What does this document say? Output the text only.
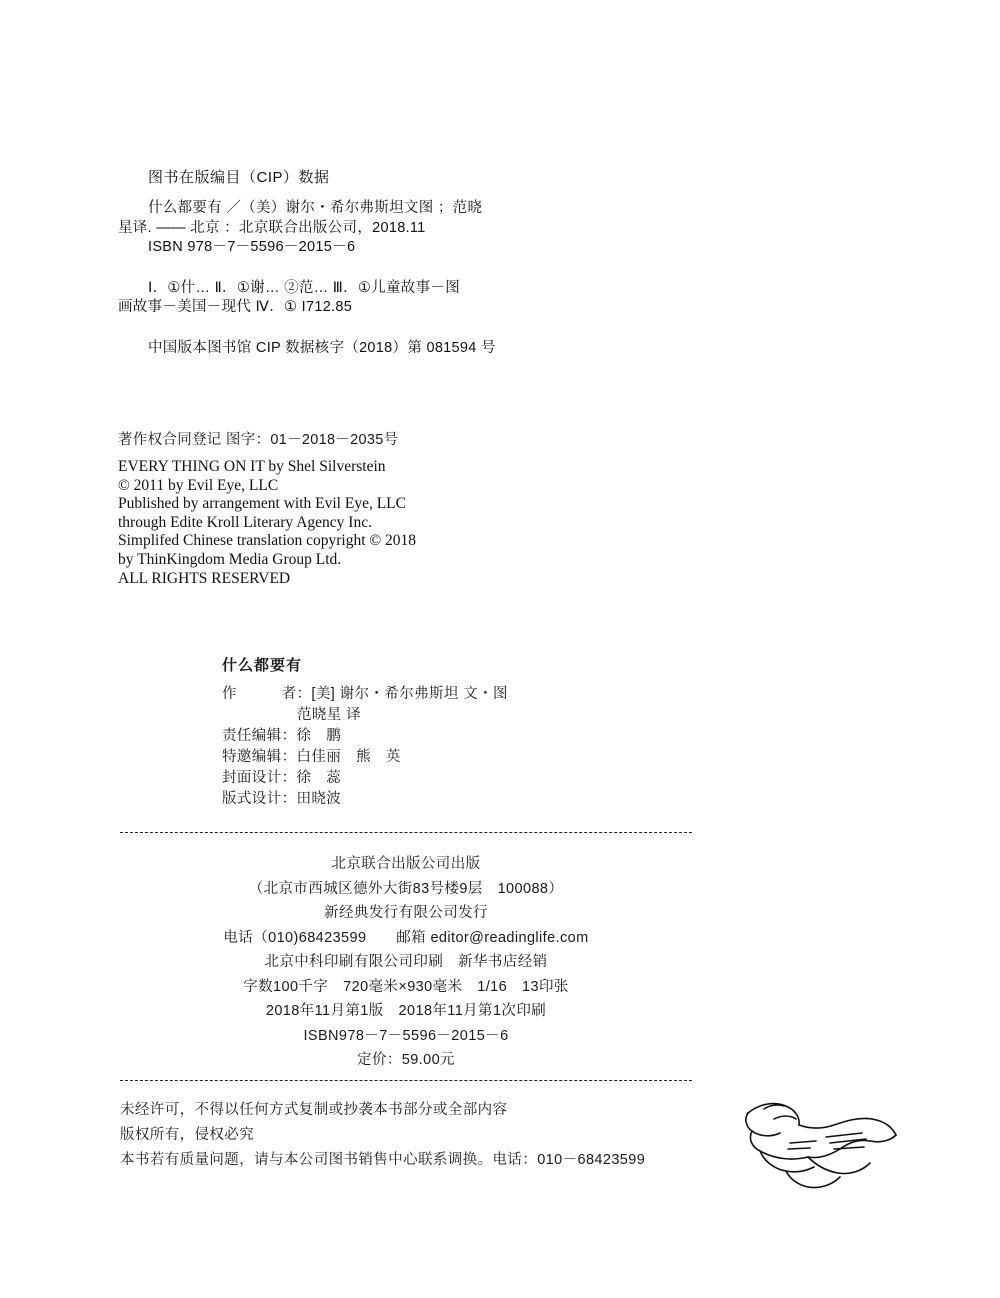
图书在版编目（CIP）数据
什么都要有 ／（美）谢尔・希尔弗斯坦文图 ；范晓
星译. ―― 北京 ：北京联合出版公司，2018.11
ISBN 978－7－5596－2015－6
Ⅰ．①什… Ⅱ．①谢… ②范… Ⅲ．①儿童故事－图
画故事－美国－现代 Ⅳ．① I712.85
中国版本图书馆 CIP 数据核字（2018）第 081594 号
著作权合同登记 图字：01－2018－2035号
EVERY THING ON IT by Shel Silverstein
© 2011 by Evil Eye, LLC
Published by arrangement with Evil Eye, LLC
through Edite Kroll Literary Agency Inc.
Simplifed Chinese translation copyright © 2018
by ThinKingdom Media Group Ltd.
ALL RIGHTS RESERVED
什么都要有
作　　　者：[美] 谢尔・希尔弗斯坦 文・图
范晓星 译
责任编辑：徐　鹏
特邀编辑：白佳丽　熊　英
封面设计：徐　蕊
版式设计：田晓波
北京联合出版公司出版
（北京市西城区德外大街83号楼9层　100088）
新经典发行有限公司发行
电话（010)68423599　　邮箱 editor@readinglife.com
北京中科印刷有限公司印刷　新华书店经销
字数100千字　720毫米×930毫米　1/16　13印张
2018年11月第1版　2018年11月第1次印刷
ISBN978－7－5596－2015－6
定价：59.00元
未经许可，不得以任何方式复制或抄袭本书部分或全部内容
版权所有，侵权必究
本书若有质量问题，请与本公司图书销售中心联系调换。电话：010－68423599
